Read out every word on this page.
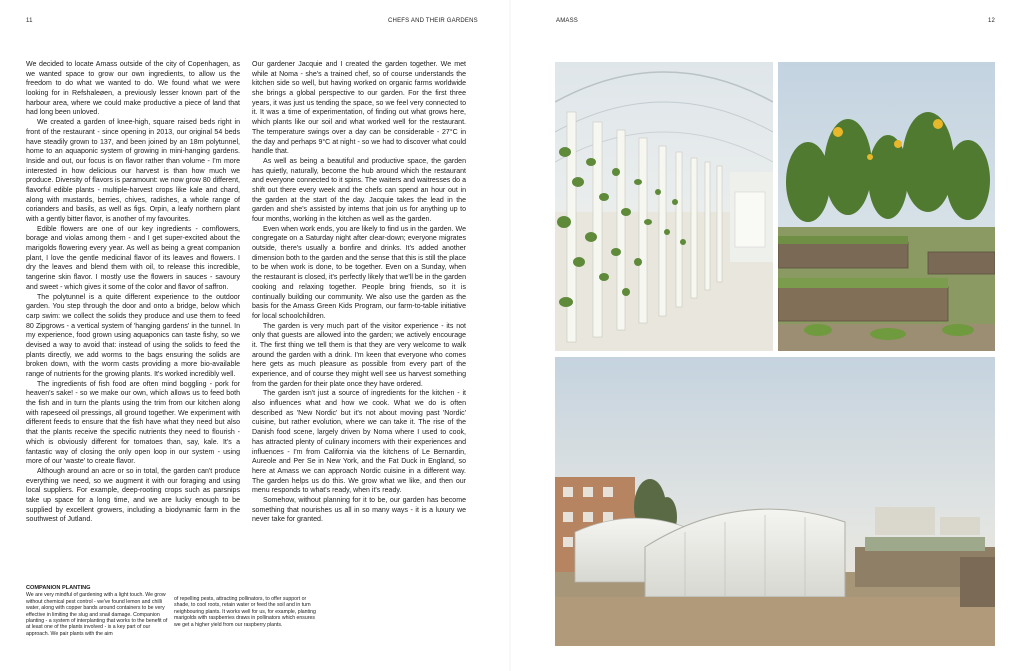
11	CHEFS AND THEIR GARDENS	AMASS	12

We decided to locate Amass outside of the city of Copenhagen, as we wanted space to grow our own ingredients, to allow us the freedom to do what we wanted to do. We found what we were looking for in Refshaleøen, a previously lesser known part of the harbour area, where we could make productive a piece of land that had long been unloved.

We created a garden of knee-high, square raised beds right in front of the restaurant - since opening in 2013, our original 54 beds have steadily grown to 137, and been joined by an 18m polytunnel, home to an aquaponic system of growing in mini-hanging gardens. Inside and out, our focus is on flavor rather than volume - I'm more interested in how delicious our harvest is than how much we produce. Diversity of flavors is paramount: we now grow 80 different, flavorful edible plants - multiple-harvest crops like kale and chard, along with mustards, berries, chives, radishes, a whole range of corianders and basils, as well as figs. Orpin, a leafy northern plant with a gently bitter flavor, is another of my favourites.

Edible flowers are one of our key ingredients - cornflowers, borage and violas among them - and I get super-excited about the marigolds flowering every year. As well as being a great companion plant, I love the gentle medicinal flavor of its leaves and flowers. I dry the leaves and blend them with oil, to release this incredible, tangerine skin flavor. I mostly use the flowers in sauces - savoury and sweet - which gives it some of the color and flavor of saffron.

The polytunnel is a quite different experience to the outdoor garden. You step through the door and onto a bridge, below which carp swim: we collect the solids they produce and use them to feed 80 Zipgrows - a vertical system of 'hanging gardens' in the tunnel. In my experience, food grown using aquaponics can taste fishy, so we devised a way to avoid that: instead of using the solids to feed the plants directly, we add worms to the bags ensuring the solids are broken down, with the worm casts providing a more bio-available range of nutrients for the growing plants. It's worked incredibly well.

The ingredients of fish food are often mind boggling - pork for heaven's sake! - so we make our own, which allows us to feed both the fish and in turn the plants using the trim from our kitchen along with rapeseed oil pressings, all ground together. We experiment with different feeds to ensure that the fish have what they need but also that the plants receive the specific nutrients they need to flourish - which is obviously different for tomatoes than, say, kale. It's a fantastic way of closing the only open loop in our system - using more of our 'waste' to create flavor.

Although around an acre or so in total, the garden can't produce everything we need, so we augment it with our foraging and using local suppliers. For example, deep-rooting crops such as parsnips take up space for a long time, and we are lucky enough to be supplied by excellent growers, including a biodynamic farm in the southwest of Jutland.

Our gardener Jacquie and I created the garden together. We met while at Noma - she's a trained chef, so of course understands the kitchen side so well, but having worked on organic farms worldwide she brings a global perspective to our garden. For the first three years, it was just us tending the space, so we feel very connected to it. It was a time of experimentation, of finding out what grows here, which plants like our soil and what worked well for the restaurant. The temperature swings over a day can be considerable - 27°C in the day and perhaps 9°C at night - so we had to discover what could handle that.

As well as being a beautiful and productive space, the garden has quietly, naturally, become the hub around which the restaurant and everyone connected to it spins. The waiters and waitresses do a shift out there every week and the chefs can spend an hour out in the garden at the start of the day. Jacquie takes the lead in the garden and she's assisted by interns that join us for anything up to four months, working in the kitchen as well as the garden.

Even when work ends, you are likely to find us in the garden. We congregate on a Saturday night after clear-down; everyone migrates outside, there's usually a bonfire and drinks. It's added another dimension both to the garden and the sense that this is still the place to be when work is done, to be together. Even on a Sunday, when the restaurant is closed, it's perfectly likely that we'll be in the garden cooking and relaxing together. People bring friends, so it is continually building our community. We also use the garden as the basis for the Amass Green Kids Program, our farm-to-table initiative for local schoolchildren.

The garden is very much part of the visitor experience - its not only that guests are allowed into the garden; we actively encourage it. The first thing we tell them is that they are very welcome to walk around the garden with a drink. I'm keen that everyone who comes here gets as much pleasure as possible from every part of the experience, and of course they might well see us harvest something from the garden for their plate once they have ordered.

The garden isn't just a source of ingredients for the kitchen - it also influences what and how we cook. What we do is often described as 'New Nordic' but it's not about moving past 'Nordic' cuisine, but rather evolution, where we can take it. The rise of the Danish food scene, largely driven by Noma where I used to cook, has attracted plenty of culinary incomers with their experiences and influences - I'm from California via the kitchens of Le Bernardin, Aureole and Per Se in New York, and the Fat Duck in England, so here at Amass we can approach Nordic cuisine in a different way. The garden helps us do this. We grow what we like, and then our menu responds to what's ready, when it's ready.

Somehow, without planning for it to be, our garden has become something that nourishes us all in so many ways - it is a luxury we never take for granted.

COMPANION PLANTING
We are very mindful of gardening with a light touch. We grow without chemical pest control - we've found lemon and chilli water, along with copper bands around containers to be very effective in limiting the slug and snail damage. Companion planting - a system of interplanting that works to the benefit of at least one of the plants involved - is a key part of our approach. We pair plants with the aim
of repelling pests, attracting pollinators, to offer support or shade, to cool roots, retain water or feed the soil and in turn neighbouring plants. It works well for us, for example, planting marigolds with raspberries draws in pollinators which ensures we get a higher yield from our raspberry plants.
